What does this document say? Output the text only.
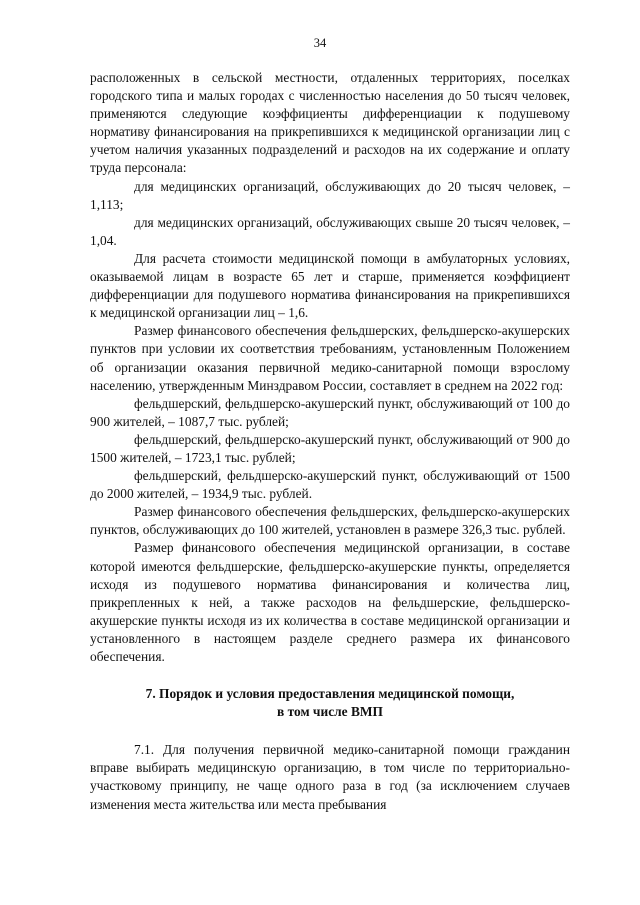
34

расположенных в сельской местности, отдаленных территориях, поселках городского типа и малых городах с численностью населения до 50 тысяч человек, применяются следующие коэффициенты дифференциации к подушевому нормативу финансирования на прикрепившихся к медицинской организации лиц с учетом наличия указанных подразделений и расходов на их содержание и оплату труда персонала:

для медицинских организаций, обслуживающих до 20 тысяч человек, – 1,113;

для медицинских организаций, обслуживающих свыше 20 тысяч человек, – 1,04.

Для расчета стоимости медицинской помощи в амбулаторных условиях, оказываемой лицам в возрасте 65 лет и старше, применяется коэффициент дифференциации для подушевого норматива финансирования на прикрепившихся к медицинской организации лиц – 1,6.

Размер финансового обеспечения фельдшерских, фельдшерско-акушерских пунктов при условии их соответствия требованиям, установленным Положением об организации оказания первичной медико-санитарной помощи взрослому населению, утвержденным Минздравом России, составляет в среднем на 2022 год:

фельдшерский, фельдшерско-акушерский пункт, обслуживающий от 100 до 900 жителей, – 1087,7 тыс. рублей;

фельдшерский, фельдшерско-акушерский пункт, обслуживающий от 900 до 1500 жителей, – 1723,1 тыс. рублей;

фельдшерский, фельдшерско-акушерский пункт, обслуживающий от 1500 до 2000 жителей, – 1934,9 тыс. рублей.

Размер финансового обеспечения фельдшерских, фельдшерско-акушерских пунктов, обслуживающих до 100 жителей, установлен в размере 326,3 тыс. рублей.

Размер финансового обеспечения медицинской организации, в составе которой имеются фельдшерские, фельдшерско-акушерские пункты, определяется исходя из подушевого норматива финансирования и количества лиц, прикрепленных к ней, а также расходов на фельдшерские, фельдшерско-акушерские пункты исходя из их количества в составе медицинской организации и установленного в настоящем разделе среднего размера их финансового обеспечения.

7. Порядок и условия предоставления медицинской помощи,
в том числе ВМП

7.1. Для получения первичной медико-санитарной помощи гражданин вправе выбирать медицинскую организацию, в том числе по территориально-участковому принципу, не чаще одного раза в год (за исключением случаев изменения места жительства или места пребывания
